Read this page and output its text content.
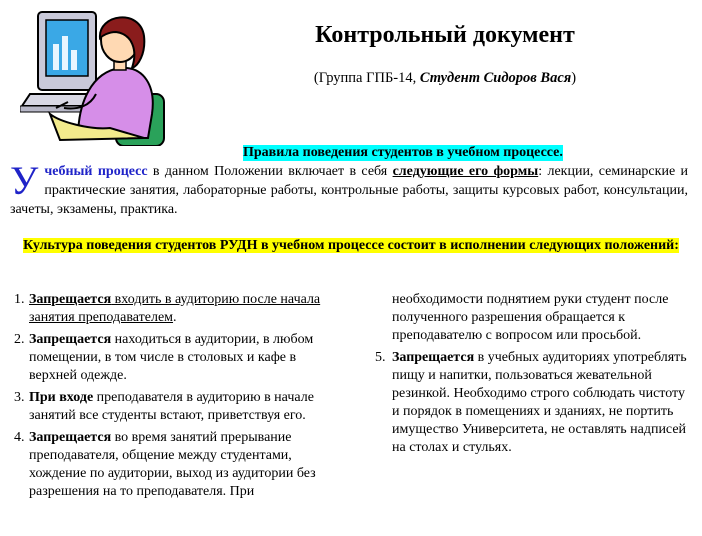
Контрольный документ
(Группа ГПБ-14, Студент Сидоров Вася)
Правила поведения студентов в учебном процессе.

Учебный процесс в данном Положении включает в себя следующие его формы: лекции, семинарские и практические занятия, лабораторные работы, контрольные работы, защиты курсовых работ, консультации, зачеты, экзамены, практика.

Культура поведения студентов РУДН в учебном процессе состоит в исполнении следующих положений:
1. Запрещается входить в аудиторию после начала занятия преподавателем.
2. Запрещается находиться в аудитории, в любом помещении, в том числе в столовых и кафе в верхней одежде.
3. При входе преподавателя в аудиторию в начале занятий все студенты встают, приветствуя его.
4. Запрещается во время занятий прерывание преподавателя, общение между студентами, хождение по аудитории, выход из аудитории без разрешения на то преподавателя. При
необходимости поднятием руки студент после полученного разрешения обращается к преподавателю с вопросом или просьбой.
5. Запрещается в учебных аудиториях употреблять пищу и напитки, пользоваться жевательной резинкой. Необходимо строго соблюдать чистоту и порядок в помещениях и зданиях, не портить имущество Университета, не оставлять надписей на столах и стульях.
